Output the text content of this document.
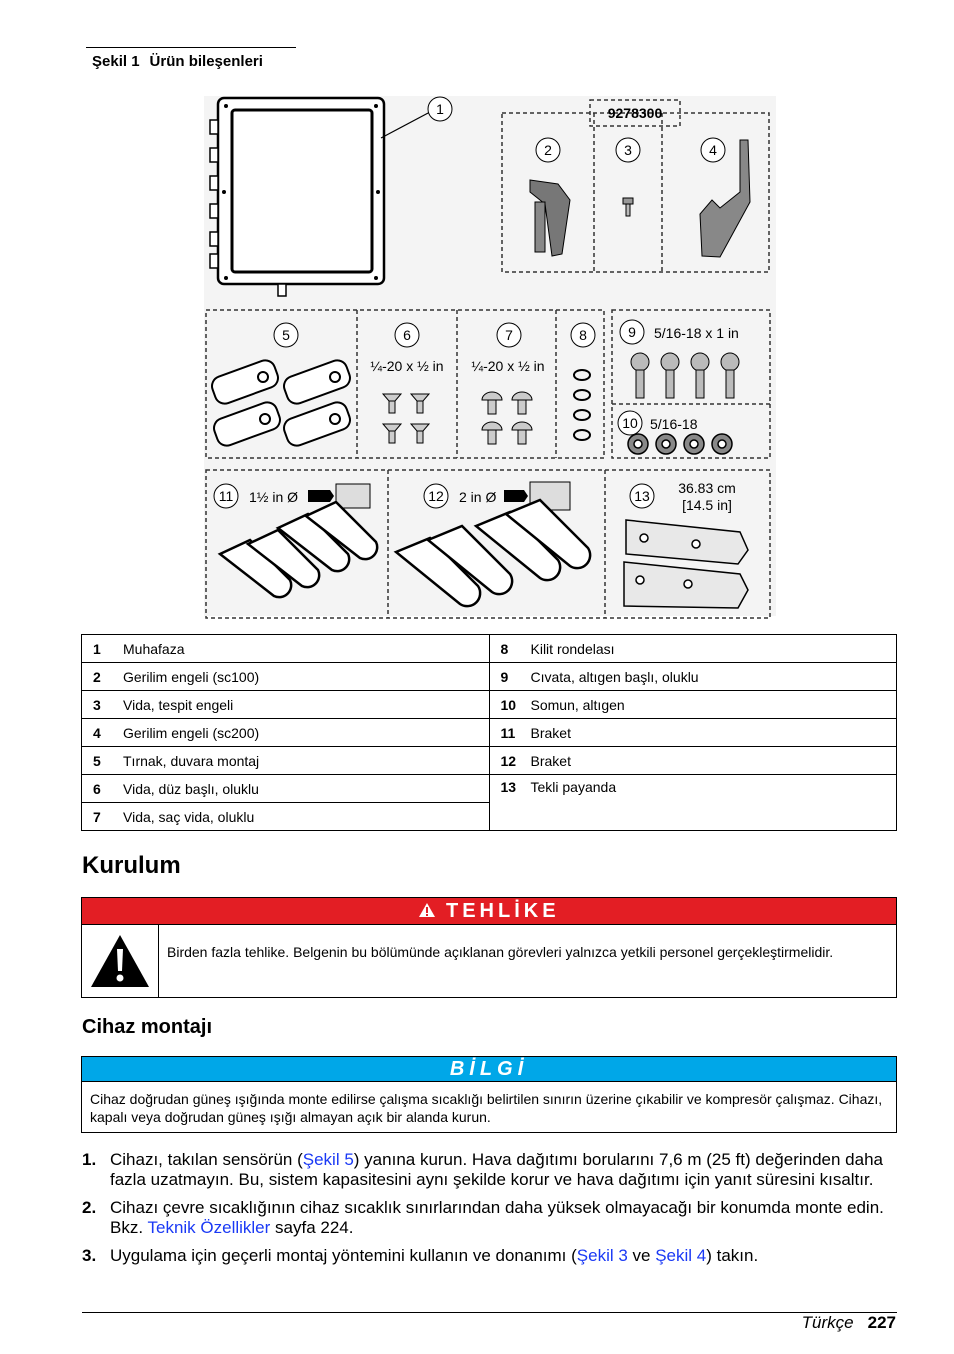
Şekil 1 Ürün bileşenleri
1	9278300
2	3	4
5	6
¼-20 x ½ in
7
¼-20 x ½ in
8	9 5/16-18 x 1 in
10 5/16-18
11 1½ in Ø	12 2 in Ø	13 36.83 cm
[14.5 in]
1 Muhafaza	8 Kilit rondelası
2 Gerilim engeli (sc100)	9 Cıvata, altıgen başlı, oluklu
3 Vida, tespit engeli	10 Somun, altıgen
4 Gerilim engeli (sc200)	11 Braket
5 Tırnak, duvara montaj	12 Braket
6 Vida, düz başlı, oluklu	13 Tekli payanda
7 Vida, saç vida, oluklu	
Kurulum
TEHLİKE
Birden fazla tehlike. Belgenin bu bölümünde açıklanan görevleri yalnızca yetkili personel gerçekleştirmelidir.
Cihaz montajı
BİLGİ
Cihaz doğrudan güneş ışığında monte edilirse çalışma sıcaklığı belirtilen sınırın üzerine çıkabilir ve kompresör çalışmaz. Cihazı, kapalı veya doğrudan güneş ışığı almayan açık bir alanda kurun.
1. Cihazı, takılan sensörün (Şekil 5) yanına kurun. Hava dağıtımı borularını 7,6 m (25 ft) değerinden daha fazla uzatmayın. Bu, sistem kapasitesini aynı şekilde korur ve hava dağıtımı için yanıt süresini kısaltır.
2. Cihazı çevre sıcaklığının cihaz sıcaklık sınırlarından daha yüksek olmayacağı bir konumda monte edin. Bkz. Teknik Özellikler sayfa 224.
3. Uygulama için geçerli montaj yöntemini kullanın ve donanımı (Şekil 3 ve Şekil 4) takın.
Türkçe 227
